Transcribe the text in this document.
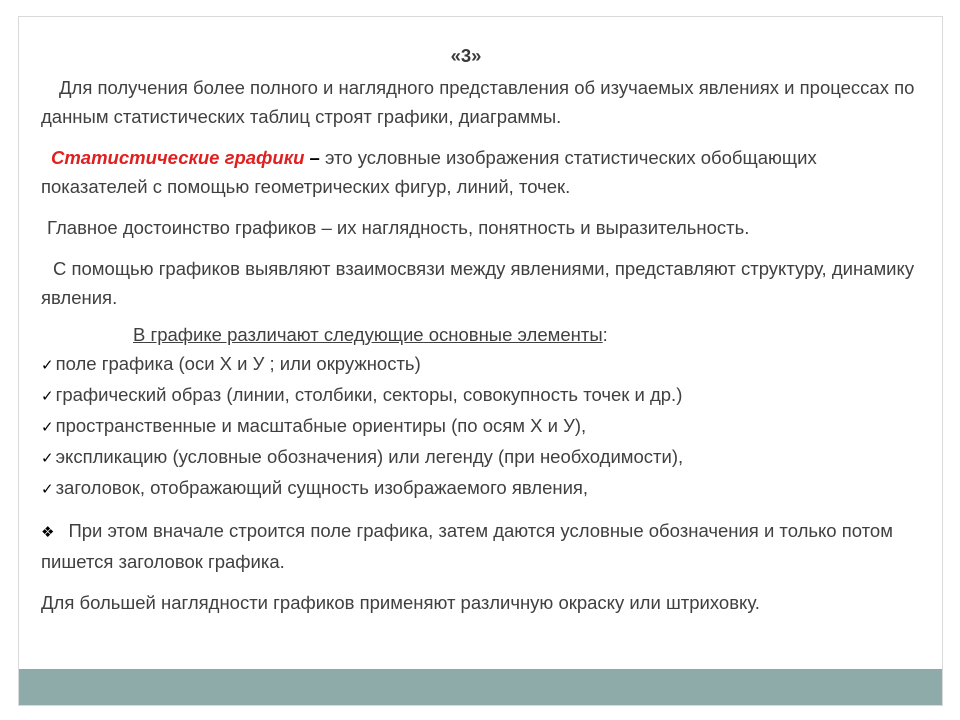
«3»

Для получения более полного и наглядного представления об изучаемых явлениях и процессах по данным статистических таблиц строят графики, диаграммы.

Статистические графики – это условные изображения статистических обобщающих показателей с помощью геометрических фигур, линий, точек.

Главное достоинство графиков – их наглядность, понятность и выразительность.

С помощью графиков выявляют взаимосвязи между явлениями, представляют структуру, динамику явления.

В графике различают следующие основные элементы:

✓ поле графика (оси Х и У ; или окружность)
✓ графический образ (линии, столбики, секторы, совокупность точек и др.)
✓ пространственные и масштабные ориентиры (по осям Х и У),
✓ экспликацию (условные обозначения) или легенду (при необходимости),
✓ заголовок, отображающий сущность изображаемого явления,

❖ При этом вначале строится поле графика, затем даются условные обозначения и только потом пишется заголовок графика.

Для большей наглядности графиков применяют различную окраску или штриховку.
